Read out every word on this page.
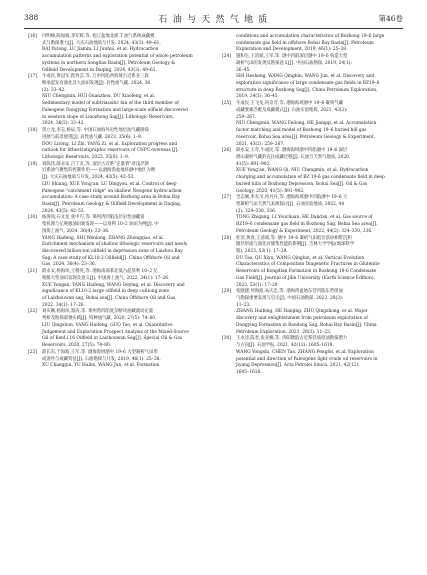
388	石 油 与 天 然 气 地 质	第46卷
[16] 付明峰,陈加坡,李军辉,等. 松辽盆地北部 T 油气系统成藏模

式与勘探潜力[J]. 大庆石油地质与开发, 2024, 43(3): 49–61.

BAI Yutong, LU Jiamin, LI Junhui, et al. Hydrocarbon

accumulation patterns and exploration potential of whole petroleum

systems in northern Songliao Basin[J]. Petroleum Geology &

Oilfield Development in Daqing, 2024, 43(3): 49–61.

[17] 牛成民,黄冠军,程春芸,等. 辽中凹陷西斜坡古近系多三段

继承起发育演化及大油田发现[J]. 岩性油气藏, 2024, 36

(2): 33–42.

NIU Chengmin, HUI Guanzhou, DU Xiaofeng, et al.

Sedimentary model of subtriassitic fan of the third member of

Paleogene Dongying Formation and large-scale oilfield discovered

in western slope of Liaozhong Sag[J]. Lithologic Reservoirs,

2024, 36(2): 33–42.

[18] 贺立龙,李志,杨辰,等. 中国石油海外岩性地层油气藏勘探

进展与前景展望[J]. 岩性油气藏, 2023, 35(6): 1–9.

DOU Lirong, LI Zhi, YANG Zi, et al. Exploration progress and

outlook for lithostratigraphic reservoirs of CNPC overseas [J].

Lithologic Reservoirs, 2023, 35(6): 1–9.

[19] 刘陈伟,薛永安,吕丁友,等. 深层古近系“走量背”对浅层新

近系油气聚集的控制作用——以渤海湾盆地环渤中地区为例

[J]. 大庆石油地质与开发, 2024, 43(5): 42–53.

LIU Shiang, XUE Yong'an, LU Dingyou, et al. Control of deep

Paleogene "catchment ridge" on shallow Neogene hydrocarbon

accumulation: A case study around Bozhong area in Bohai Bay

Basin[J]. Petroleum Geology & Oilfield Development in Daqing,

2024, 43(5): 42–53.

[20] 杨海风,石文龙,张中巧,等. 莱州湾凹陷浅层岩性油藏富

集机理与亿吨级油田新发现——以垦利 10–2 油田为例[J]. 中

国海上油气, 2024, 36(4): 23–36.

YANG Haifeng, SHI Wenlong, ZHANG Zhongqiao, et al.

Enrichment mechanism of shallow lithologic reservoirs and newly

discovered billion-ton oilfield in depression zone of Laizhou Bay

Sag: A case study of KL10-2 Oilfield[J]. China Offshore Oil and

Gas, 2024, 36(4): 23–36.

[21] 薛永安,杨海风,王德英,等. 渤海南部莱北低凸起垦利 10–2 亿

吨级大型油田发现及意义[J]. 中国海上油气, 2022, 34(1): 17–26.

XUE Yongan, YANG Haifeng, WANG Deying, et al. Discovery and

significance of KL10-2 large oilfield in deep cultiong zone

of Laizhouwan sag, Bohai sea[J]. China Offshore Oil and Gas,

2022, 34(1): 17–26.

[22] 刘庆顺,杨海风,郭涛,等. 莱州湾凹陷复杂断块油藏滚动定量

判析及勘探部署实践[J]. 特种油气藏, 2020, 27(5): 74–80.

LIU Qingshun, YANG Haifeng, GUO Tao, et al. Quantitative

Judgement and Exploration Prospect Analysis of the Mixed-Source

Oil of KenLi 16 Oilfield in Laizhouwan Sag[J]. Special Oil & Gas

Reservoirs, 2020, 27(5): 74–80.

[23] 薛长东,于海波,王军,等. 渤海海域渤中 19–6 大型凝析气田形

成条件与成藏特征[J]. 石油勘探与开发, 2019, 46(1): 25–38.

XU Changgui, YU Haibo, WANG Jun, et al. Formation

conditions and accumulation characteristics of Bozhong 19–6 large

condensate gas field in offshore Bohai Bay Basin[J]. Petroleum

Exploration and Development, 2019, 46(1): 25–38.

[24] 施和生,王清斌,王军,等. 渤中凹陷深层渤中 19–6 构造大型

凝析气田的发现及勘探意义[J]. 中国石油勘探, 2019, 24(1):

36–45.

SHI Hesheng, WANG Qingbin, WANG Jun, et al. Discovery and

exploration significance of large condensate gas fields in BZ19–6

structure in deep Bozhong Sag[J]. China Petroleum Exploration,

2019, 24(1): 36–45.

[25] 牛成民,王飞龙,何京音,等. 渤海海域渤中 19–6 凝析气藏

成藏要素匹配及成藏模式[J]. 石油实验地质, 2021, 43(2):

259–267.

NIU Chengmin, WANG Feilong, HE Jiangqi, et al. Accumulation

factor matching and model of Bozhong 19–6 buried hill gas

reservoir, Bohai Sea area[J]. Petroleum Geology & Experiment,

2021, 43(2): 259–267.

[26] 薛永安,王奇,牛成民,等. 渤海海域渤中凹陷渤中 19–6 深层

潜山凝析气藏的充注成藏过程[J]. 石油与天然气地质, 2020,

41(5): 891–902.

XUE Yong'an, WANG Qi, NIU Chengmin, et al. Hydrocarbon

charging and accumulation of BZ 19-6 gas condensate field in deep

buried hills of Bozhong Depression, Bohai Sea[J]. Oil & Gas

Geology, 2020, 41(5): 891–902.

[27] 全志刚,李友川,何丹丹,等. 渤海海域渤中凹陷渤中 19–6 大

型凝析气田天然气来源探讨[J]. 石油实验地质, 2022, 44

(2): 324–330, 336.

TONG Zhigang, LI Youchuan, HE Dandan, et al. Gas source of

BZ19–6 condensate gas field in Bozhong Sag, Bohai Sea area[J].

Petroleum Geology & Experiment, 2022, 44(2): 324–330, 336.

[28] 杜浩,黄春,王清斌,等. 渤中 19–6 凝析气田低位富砂相带沉积

储层形成与演化对储集性能的影响[J]. 吉林大学学报(地球科学

版), 2023, 53(1): 17–29.

DU Tao, QU Xiyu, WANG Qingbin, et al. Vertical Evolution

Characteristics of Composition Diagenetic Fractures in Glutenite

Reservoirs of Kongdian Formation in Bozhong 19-6 Condensate

Gas Field[J]. Journal of Jilin University (Earth Science Edition),

2023, 53(1): 17–29.

[29] 张晓建,何海波,朱庆忠,等. 渤海湾盆地东营凹陷东营组油

气勘探重要发现与启示[J]. 中国石油勘探, 2023, 28(3):

11–23.

ZHANG Huifeng, HE Haiqing, ZHU Qingzhong, et al. Major

discovery and enlightenment from petroleum exploration of

Dongying Formation in Baodong Sag, Bohai Bay Basin[J]. China

Petroleum Exploration, 2023, 28(3): 11–23.

[30] 王永诗,陈奎,张亚楠,等. 济阳坳陷古近系轻质原油勘探潜力

与方向[J]. 石油学报, 2021, 42(12): 1605–1618.

WANG Yongshi, CHEN Tao, ZHANG Pengfei, et al. Exploration

potential and direction of Paleogene light crude oil reservoirs in

Jiyang Depression[J]. Acta Petrolei Sinica, 2021, 42(12):

1605–1618.
